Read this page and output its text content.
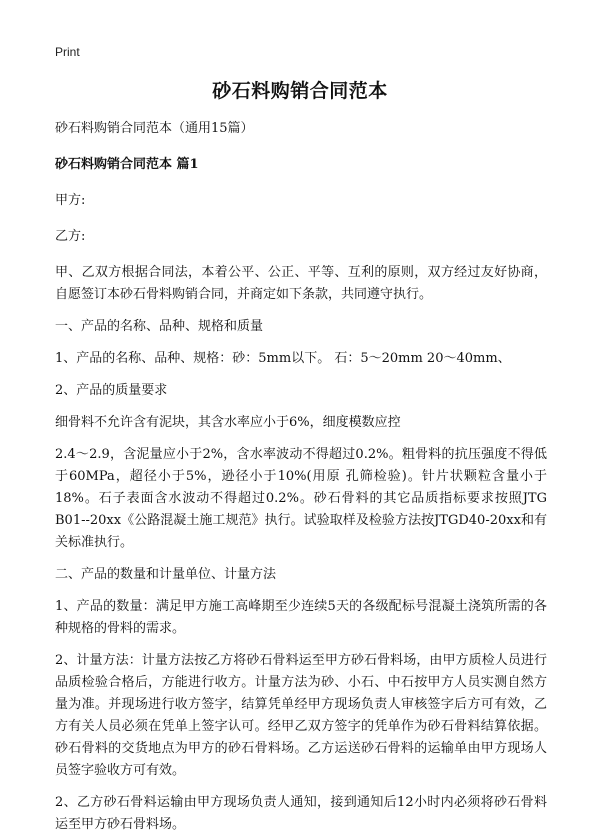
Print
砂石料购销合同范本

砂石料购销合同范本（通用15篇）

砂石料购销合同范本 篇1

甲方:

乙方:

甲、乙双方根据合同法，本着公平、公正、平等、互利的原则，双方经过友好协商，自愿签订本砂石骨料购销合同，并商定如下条款，共同遵守执行。

一、产品的名称、品种、规格和质量

1、产品的名称、品种、规格：砂：5mm以下。 石：5～20mm 20～40mm、

2、产品的质量要求

细骨料不允许含有泥块，其含水率应小于6%，细度模数应控

2.4～2.9，含泥量应小于2%，含水率波动不得超过0.2%。粗骨料的抗压强度不得低于60MPa，超径小于5%，逊径小于10%(用原 孔筛检验)。针片状颗粒含量小于18%。石子表面含水波动不得超过0.2%。砂石骨料的其它品质指标要求按照JTG B01--20xx《公路混凝土施工规范》执行。试验取样及检验方法按JTGD40-20xx和有关标准执行。

二、产品的数量和计量单位、计量方法

1、产品的数量：满足甲方施工高峰期至少连续5天的各级配标号混凝土浇筑所需的各种规格的骨料的需求。

2、计量方法：计量方法按乙方将砂石骨料运至甲方砂石骨料场，由甲方质检人员进行品质检验合格后，方能进行收方。计量方法为砂、小石、中石按甲方人员实测自然方量为准。并现场进行收方签字，结算凭单经甲方现场负责人审核签字后方可有效，乙方有关人员必须在凭单上签字认可。经甲乙双方签字的凭单作为砂石骨料结算依据。砂石骨料的交货地点为甲方的砂石骨料场。乙方运送砂石骨料的运输单由甲方现场人员签字验收方可有效。

2、乙方砂石骨料运输由甲方现场负责人通知，接到通知后12小时内必须将砂石骨料运至甲方砂石骨料场。
